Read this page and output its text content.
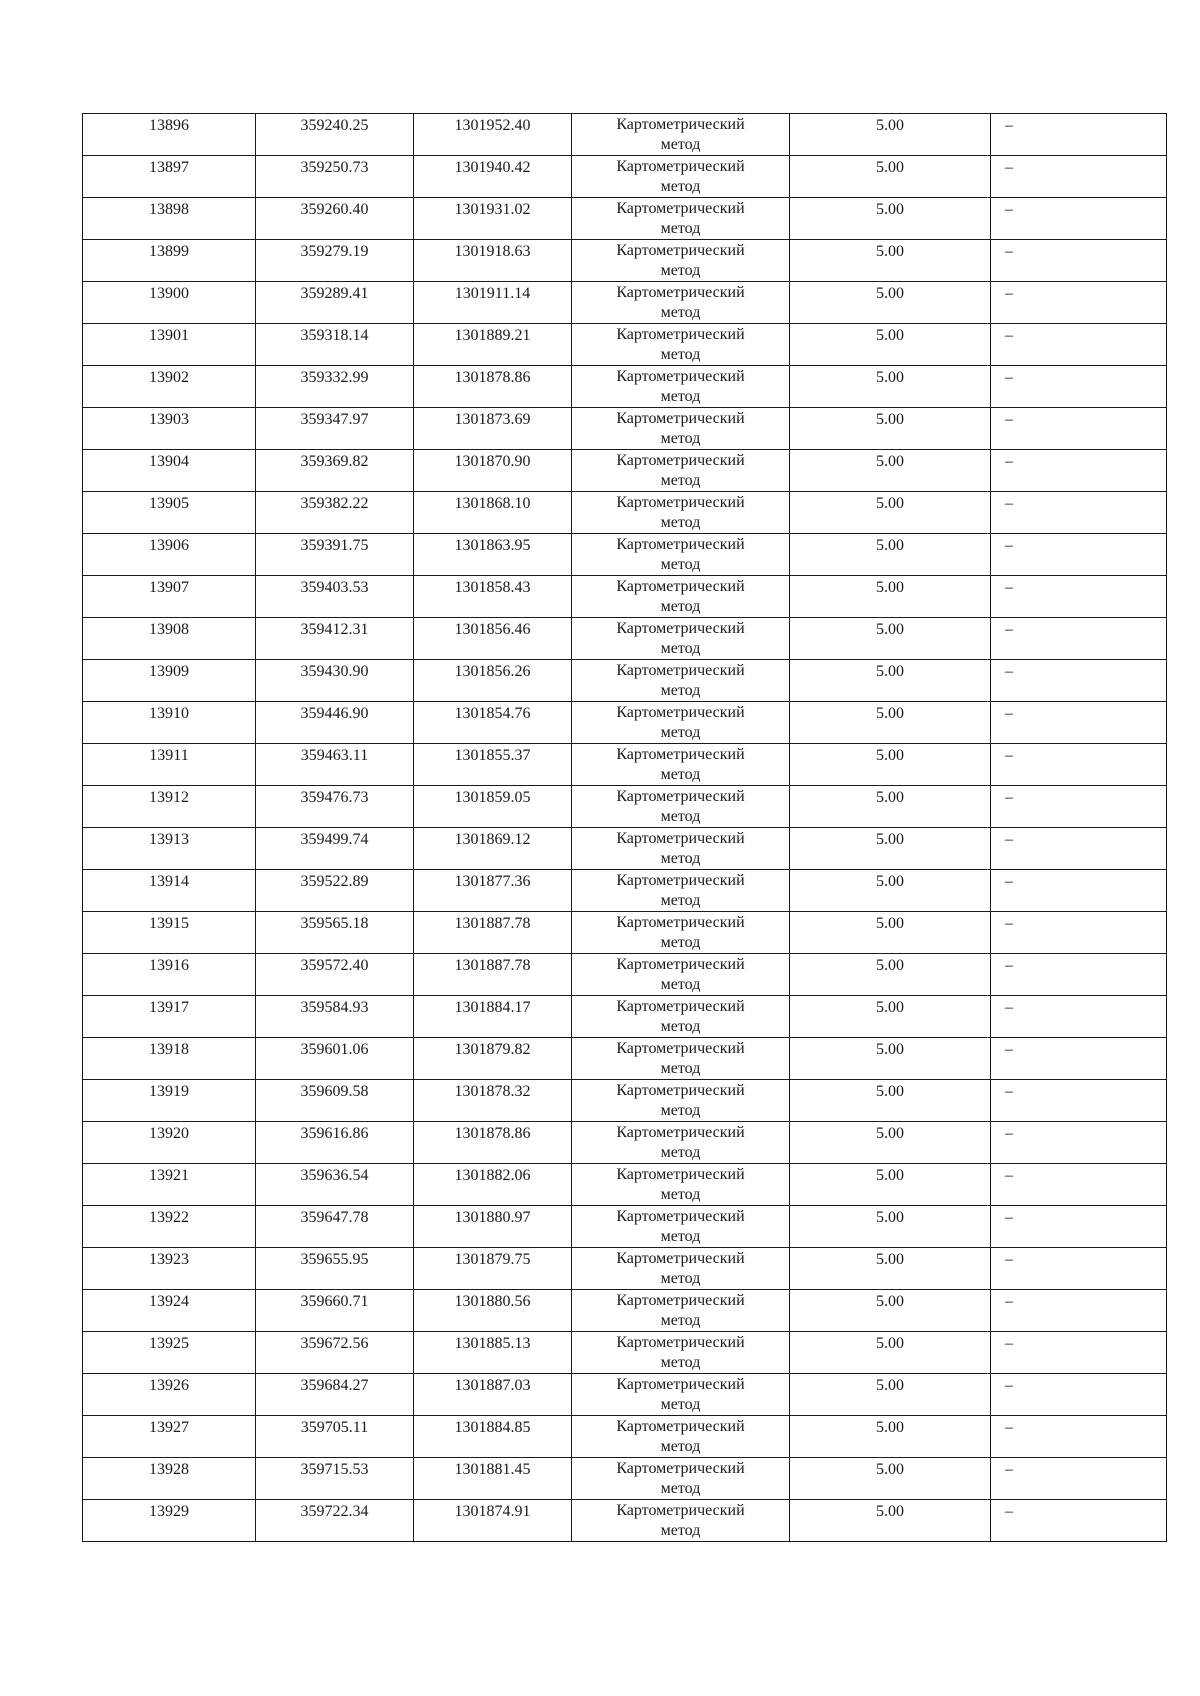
13896	359240.25	1301952.40	Картометрический
метод	5.00	–
13897	359250.73	1301940.42	Картометрический
метод	5.00	–
13898	359260.40	1301931.02	Картометрический
метод	5.00	–
13899	359279.19	1301918.63	Картометрический
метод	5.00	–
13900	359289.41	1301911.14	Картометрический
метод	5.00	–
13901	359318.14	1301889.21	Картометрический
метод	5.00	–
13902	359332.99	1301878.86	Картометрический
метод	5.00	–
13903	359347.97	1301873.69	Картометрический
метод	5.00	–
13904	359369.82	1301870.90	Картометрический
метод	5.00	–
13905	359382.22	1301868.10	Картометрический
метод	5.00	–
13906	359391.75	1301863.95	Картометрический
метод	5.00	–
13907	359403.53	1301858.43	Картометрический
метод	5.00	–
13908	359412.31	1301856.46	Картометрический
метод	5.00	–
13909	359430.90	1301856.26	Картометрический
метод	5.00	–
13910	359446.90	1301854.76	Картометрический
метод	5.00	–
13911	359463.11	1301855.37	Картометрический
метод	5.00	–
13912	359476.73	1301859.05	Картометрический
метод	5.00	–
13913	359499.74	1301869.12	Картометрический
метод	5.00	–
13914	359522.89	1301877.36	Картометрический
метод	5.00	–
13915	359565.18	1301887.78	Картометрический
метод	5.00	–
13916	359572.40	1301887.78	Картометрический
метод	5.00	–
13917	359584.93	1301884.17	Картометрический
метод	5.00	–
13918	359601.06	1301879.82	Картометрический
метод	5.00	–
13919	359609.58	1301878.32	Картометрический
метод	5.00	–
13920	359616.86	1301878.86	Картометрический
метод	5.00	–
13921	359636.54	1301882.06	Картометрический
метод	5.00	–
13922	359647.78	1301880.97	Картометрический
метод	5.00	–
13923	359655.95	1301879.75	Картометрический
метод	5.00	–
13924	359660.71	1301880.56	Картометрический
метод	5.00	–
13925	359672.56	1301885.13	Картометрический
метод	5.00	–
13926	359684.27	1301887.03	Картометрический
метод	5.00	–
13927	359705.11	1301884.85	Картометрический
метод	5.00	–
13928	359715.53	1301881.45	Картометрический
метод	5.00	–
13929	359722.34	1301874.91	Картометрический
метод	5.00	–
